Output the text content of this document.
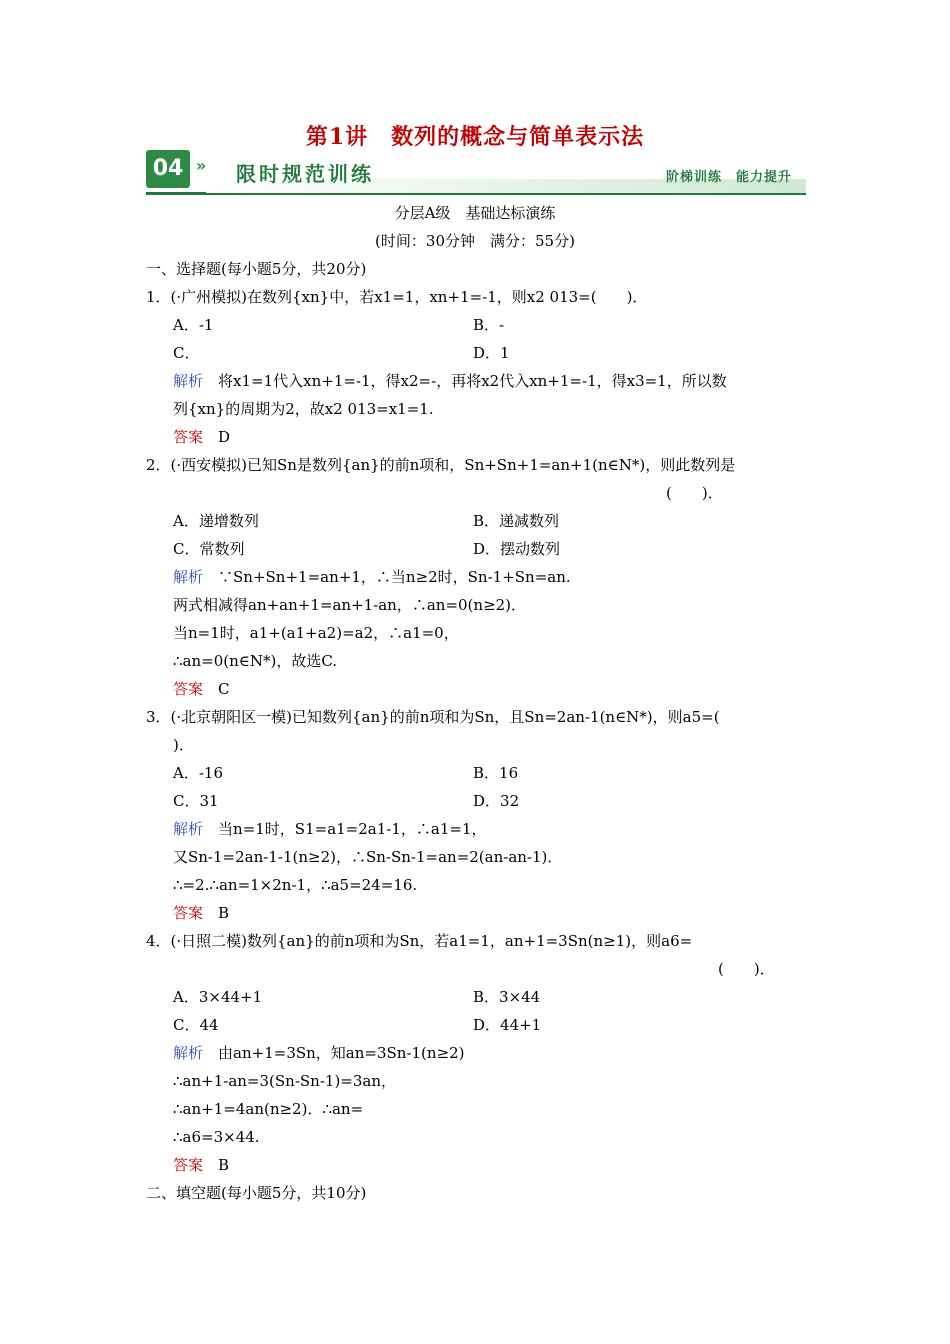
第1讲　数列的概念与简单表示法
04 » 限时规范训练	阶梯训练　能力提升
分层A级　基础达标演练
(时间：30分钟　满分：55分)
一、选择题(每小题5分，共20分)
1．(·广州模拟)在数列{xn}中，若x1=1，xn+1=-1，则x2 013=(　　)．
A．-1	B．-
C．	D．1
解析　 将x1=1代入xn+1=-1，得x2=-，再将x2代入xn+1=-1，得x3=1，所以数
列{xn}的周期为2，故x2 013=x1=1.
答案　 D
2．(·西安模拟)已知Sn是数列{an}的前n项和，Sn+Sn+1=an+1(n∈N*)，则此数列是
(　　)．
A．递增数列	B．递减数列
C．常数列	D．摆动数列
解析　 ∵Sn+Sn+1=an+1，∴当n≥2时，Sn-1+Sn=an.
两式相减得an+an+1=an+1-an，∴an=0(n≥2)．
当n=1时，a1+(a1+a2)=a2，∴a1=0，
∴an=0(n∈N*)，故选C.
答案　 C
3．(·北京朝阳区一模)已知数列{an}的前n项和为Sn，且Sn=2an-1(n∈N*)，则a5=(
)．
A．-16	B．16
C．31	D．32
解析　 当n=1时，S1=a1=2a1-1，∴a1=1，
又Sn-1=2an-1-1(n≥2)，∴Sn-Sn-1=an=2(an-an-1)．
∴=2.∴an=1×2n-1，∴a5=24=16.
答案　 B
4．(·日照二模)数列{an}的前n项和为Sn，若a1=1，an+1=3Sn(n≥1)，则a6=
(　　)．
A．3×44+1	B．3×44
C．44	D．44+1
解析　 由an+1=3Sn，知an=3Sn-1(n≥2)
∴an+1-an=3(Sn-Sn-1)=3an，
∴an+1=4an(n≥2)．∴an=
∴a6=3×44.
答案　 B
二、填空题(每小题5分，共10分)
